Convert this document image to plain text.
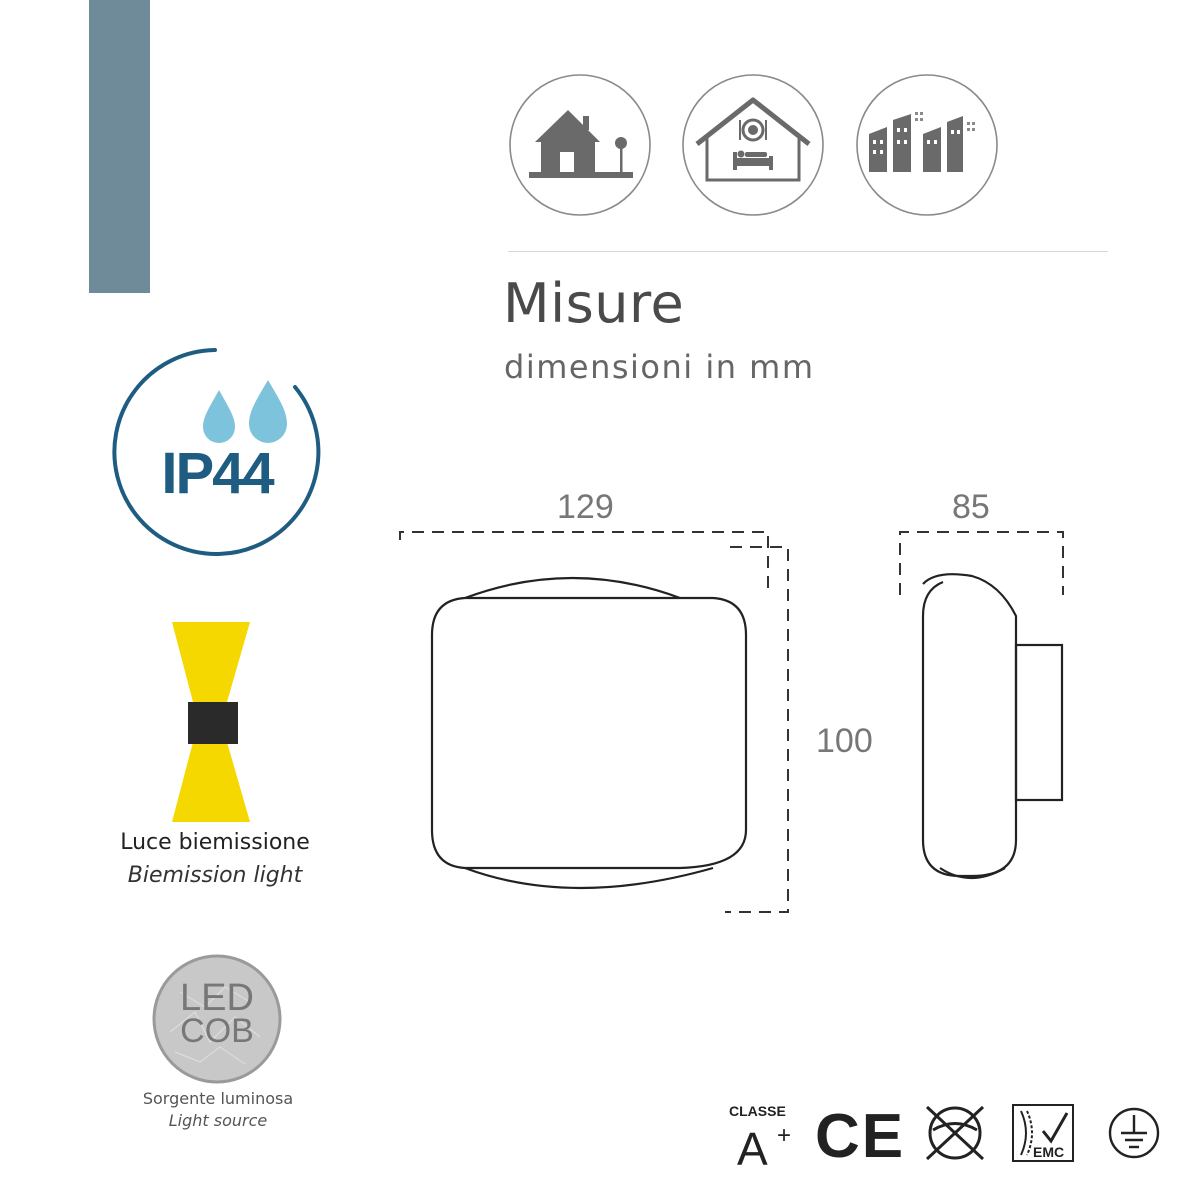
Misure
dimensioni in mm
129	85
100
IP44
Luce biemissione
Biemission light
LED
COB
Sorgente luminosa
Light source	CLASSE
A + CE	EMC
